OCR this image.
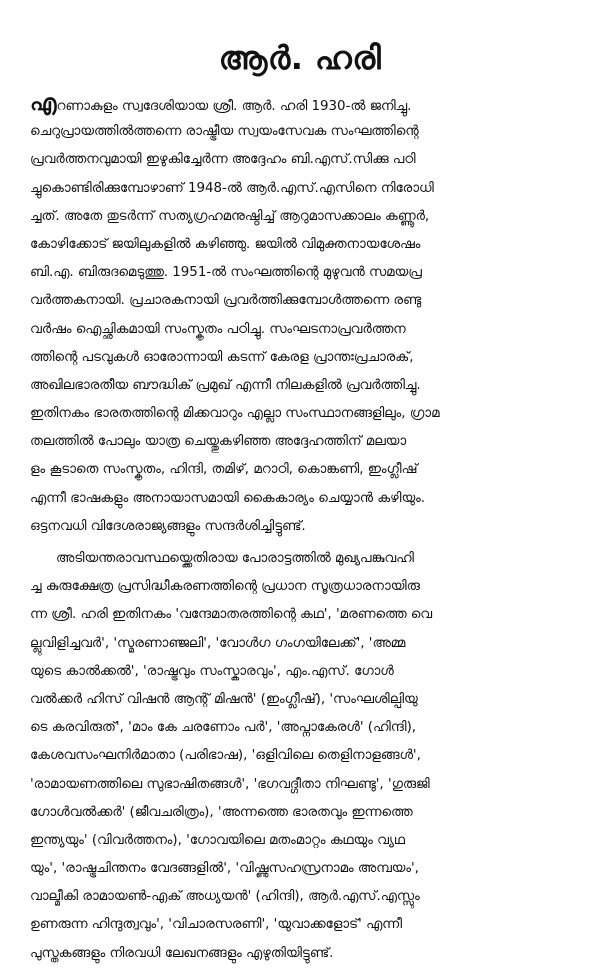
ആർ. ഹരി
എറണാകുളം സ്വദേശിയായ ശ്രീ. ആർ. ഹരി 1930-ൽ ജനിച്ചു.
ചെറുപ്രായത്തിൽത്തന്നെ രാഷ്ട്രീയ സ്വയംസേവക സംഘത്തിന്റെ
പ്രവർത്തനവുമായി ഇഴുകിച്ചേർന്ന അദ്ദേഹം ബി.എസ്.സിക്കു പഠി
ച്ചുകൊണ്ടിരിക്കുമ്പോഴാണ് 1948-ൽ ആർ.എസ്.എസിനെ നിരോധി
ച്ചത്. അതേ തുടർന്ന് സത്യഗ്രഹമനുഷ്ഠിച്ച് ആറുമാസക്കാലം കണ്ണൂർ,
കോഴിക്കോട് ജയിലുകളിൽ കഴിഞ്ഞു. ജയിൽ വിമുക്തനായശേഷം
ബി.എ. ബിരുദമെടുത്തു. 1951-ൽ സംഘത്തിന്റെ മുഴുവൻ സമയപ്ര
വർത്തകനായി. പ്രചാരകനായി പ്രവർത്തിക്കുമ്പോൾത്തന്നെ രണ്ടു
വർഷം ഐച്ഛികമായി സംസ്കൃതം പഠിച്ചു. സംഘടനാപ്രവർത്തന
ത്തിന്റെ പടവുകൾ ഓരോന്നായി കടന്ന് കേരള പ്രാന്തഃപ്രചാരക്,
അഖിലഭാരതീയ ബൗദ്ധിക് പ്രമുഖ് എന്നീ നിലകളിൽ പ്രവർത്തിച്ചു.
ഇതിനകം ഭാരതത്തിന്റെ മിക്കവാറും എല്ലാ സംസ്ഥാനങ്ങളിലും, ഗ്രാമ
തലത്തിൽ പോലും യാത്ര ചെയ്തുകഴിഞ്ഞ അദ്ദേഹത്തിന് മലയാ
ളം കൂടാതെ സംസ്കൃതം, ഹിന്ദി, തമിഴ്, മറാഠി, കൊങ്കണി, ഇംഗ്ലീഷ്
എന്നീ ഭാഷകളും അനായാസമായി കൈകാര്യം ചെയ്യാൻ കഴിയും.
ഒട്ടനവധി വിദേശരാജ്യങ്ങളും സന്ദർശിച്ചിട്ടുണ്ട്.
അടിയന്തരാവസ്ഥയ്ക്കെതിരായ പോരാട്ടത്തിൽ മുഖ്യപങ്കുവഹി
ച്ച കുരുക്ഷേത്ര പ്രസിദ്ധീകരണത്തിന്റെ പ്രധാന സൂത്രധാരനായിരു
ന്ന ശ്രീ. ഹരി ഇതിനകം 'വന്ദേമാതരത്തിന്റെ കഥ', 'മരണത്തെ വെ
ല്ലുവിളിച്ചവർ', 'സ്മരണാഞ്ജലി', 'വോൾഗ ഗംഗയിലേക്ക്', 'അമ്മ
യുടെ കാൽക്കൽ', 'രാഷ്ട്രവും സംസ്കാരവും', എം.എസ്. ഗോൾ
വൽക്കർ ഹിസ് വിഷൻ ആന്റ് മിഷൻ' (ഇംഗ്ലീഷ്), 'സംഘശില്പിയു
ടെ കരവിരുത്', 'മാം കേ ചരണോം പർ', 'അപ്നാകേരൾ' (ഹിന്ദി),
കേശവസംഘനിർമാതാ (പരിഭാഷ), 'ഒളിവിലെ തെളിനാളങ്ങൾ',
'രാമായണത്തിലെ സുഭാഷിതങ്ങൾ', 'ഭഗവദ്ഗീതാ നിഘണ്ടു', 'ഗുരുജി
ഗോൾവൽക്കർ' (ജീവചരിത്രം), 'അന്നത്തെ ഭാരതവും ഇന്നത്തെ
ഇന്ത്യയും' (വിവർത്തനം), 'ഗോവയിലെ മതംമാറ്റം കഥയും വ്യഥ
യും', 'രാഷ്ട്രചിന്തനം വേദങ്ങളിൽ', 'വിഷ്ണുസഹസ്രനാമം അമ്പയം',
വാല്മീകി രാമായൺ-എക് അധ്യയൻ' (ഹിന്ദി), ആർ.എസ്.എസ്സും
ഉണരുന്ന ഹിന്ദുത്വവും', 'വിചാരസരണി', 'യുവാക്കളോട്' എന്നീ
പുസ്തകങ്ങളും നിരവധി ലേഖനങ്ങളും എഴുതിയിട്ടുണ്ട്.
